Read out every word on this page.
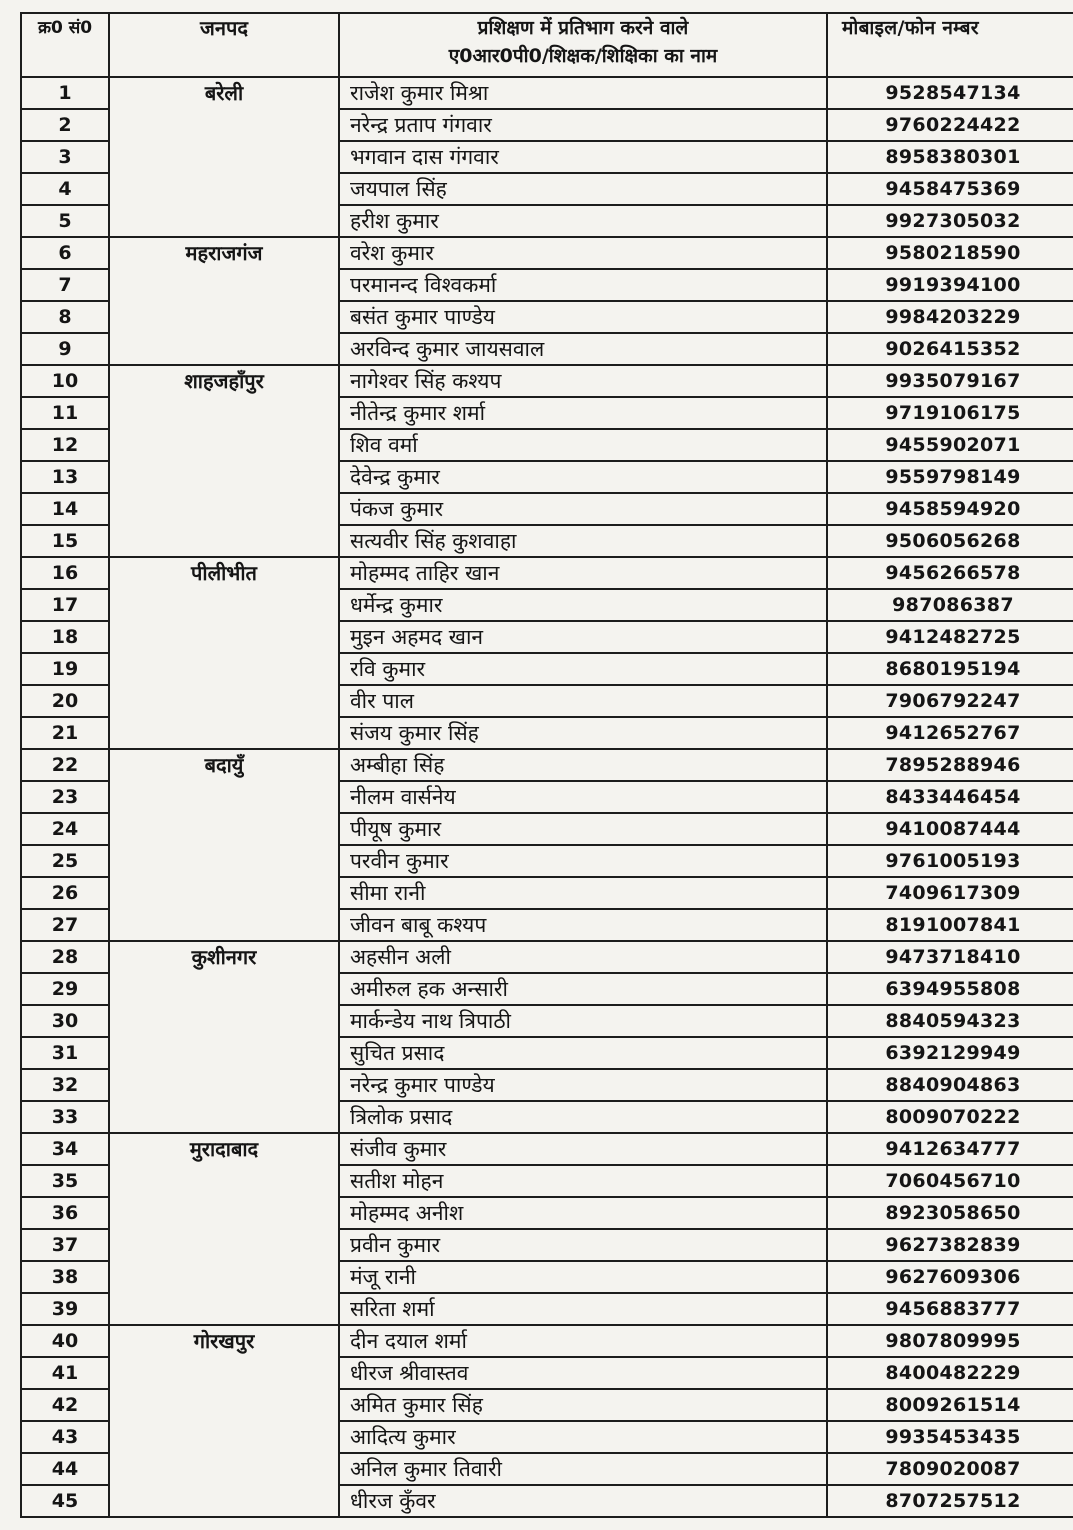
क्र0 सं0	जनपद	प्रशिक्षण में प्रतिभाग करने वाले
ए0आर0पी0/शिक्षक/शिक्षिका का नाम	मोबाइल/फोन नम्बर
1	बरेली	राजेश कुमार मिश्रा	9528547134
2		नरेन्द्र प्रताप गंगवार	9760224422
3		भगवान दास गंगवार	8958380301
4		जयपाल सिंह	9458475369
5		हरीश कुमार	9927305032
6	महराजगंज	वरेश कुमार	9580218590
7		परमानन्द विश्वकर्मा	9919394100
8		बसंत कुमार पाण्डेय	9984203229
9		अरविन्द कुमार जायसवाल	9026415352
10	शाहजहाँपुर	नागेश्वर सिंह कश्यप	9935079167
11		नीतेन्द्र कुमार शर्मा	9719106175
12		शिव वर्मा	9455902071
13		देवेन्द्र कुमार	9559798149
14		पंकज कुमार	9458594920
15		सत्यवीर सिंह कुशवाहा	9506056268
16	पीलीभीत	मोहम्मद ताहिर खान	9456266578
17		धर्मेन्द्र कुमार	987086387
18		मुइन अहमद खान	9412482725
19		रवि कुमार	8680195194
20		वीर पाल	7906792247
21		संजय कुमार सिंह	9412652767
22	बदायुँ	अम्बीहा सिंह	7895288946
23		नीलम वार्सनेय	8433446454
24		पीयूष कुमार	9410087444
25		परवीन कुमार	9761005193
26		सीमा रानी	7409617309
27		जीवन बाबू कश्यप	8191007841
28	कुशीनगर	अहसीन अली	9473718410
29		अमीरुल हक अन्सारी	6394955808
30		मार्कन्डेय नाथ त्रिपाठी	8840594323
31		सुचित प्रसाद	6392129949
32		नरेन्द्र कुमार पाण्डेय	8840904863
33		त्रिलोक प्रसाद	8009070222
34	मुरादाबाद	संजीव कुमार	9412634777
35		सतीश मोहन	7060456710
36		मोहम्मद अनीश	8923058650
37		प्रवीन कुमार	9627382839
38		मंजू रानी	9627609306
39		सरिता शर्मा	9456883777
40	गोरखपुर	दीन दयाल शर्मा	9807809995
41		धीरज श्रीवास्तव	8400482229
42		अमित कुमार सिंह	8009261514
43		आदित्य कुमार	9935453435
44		अनिल कुमार तिवारी	7809020087
45		धीरज कुँवर	8707257512
